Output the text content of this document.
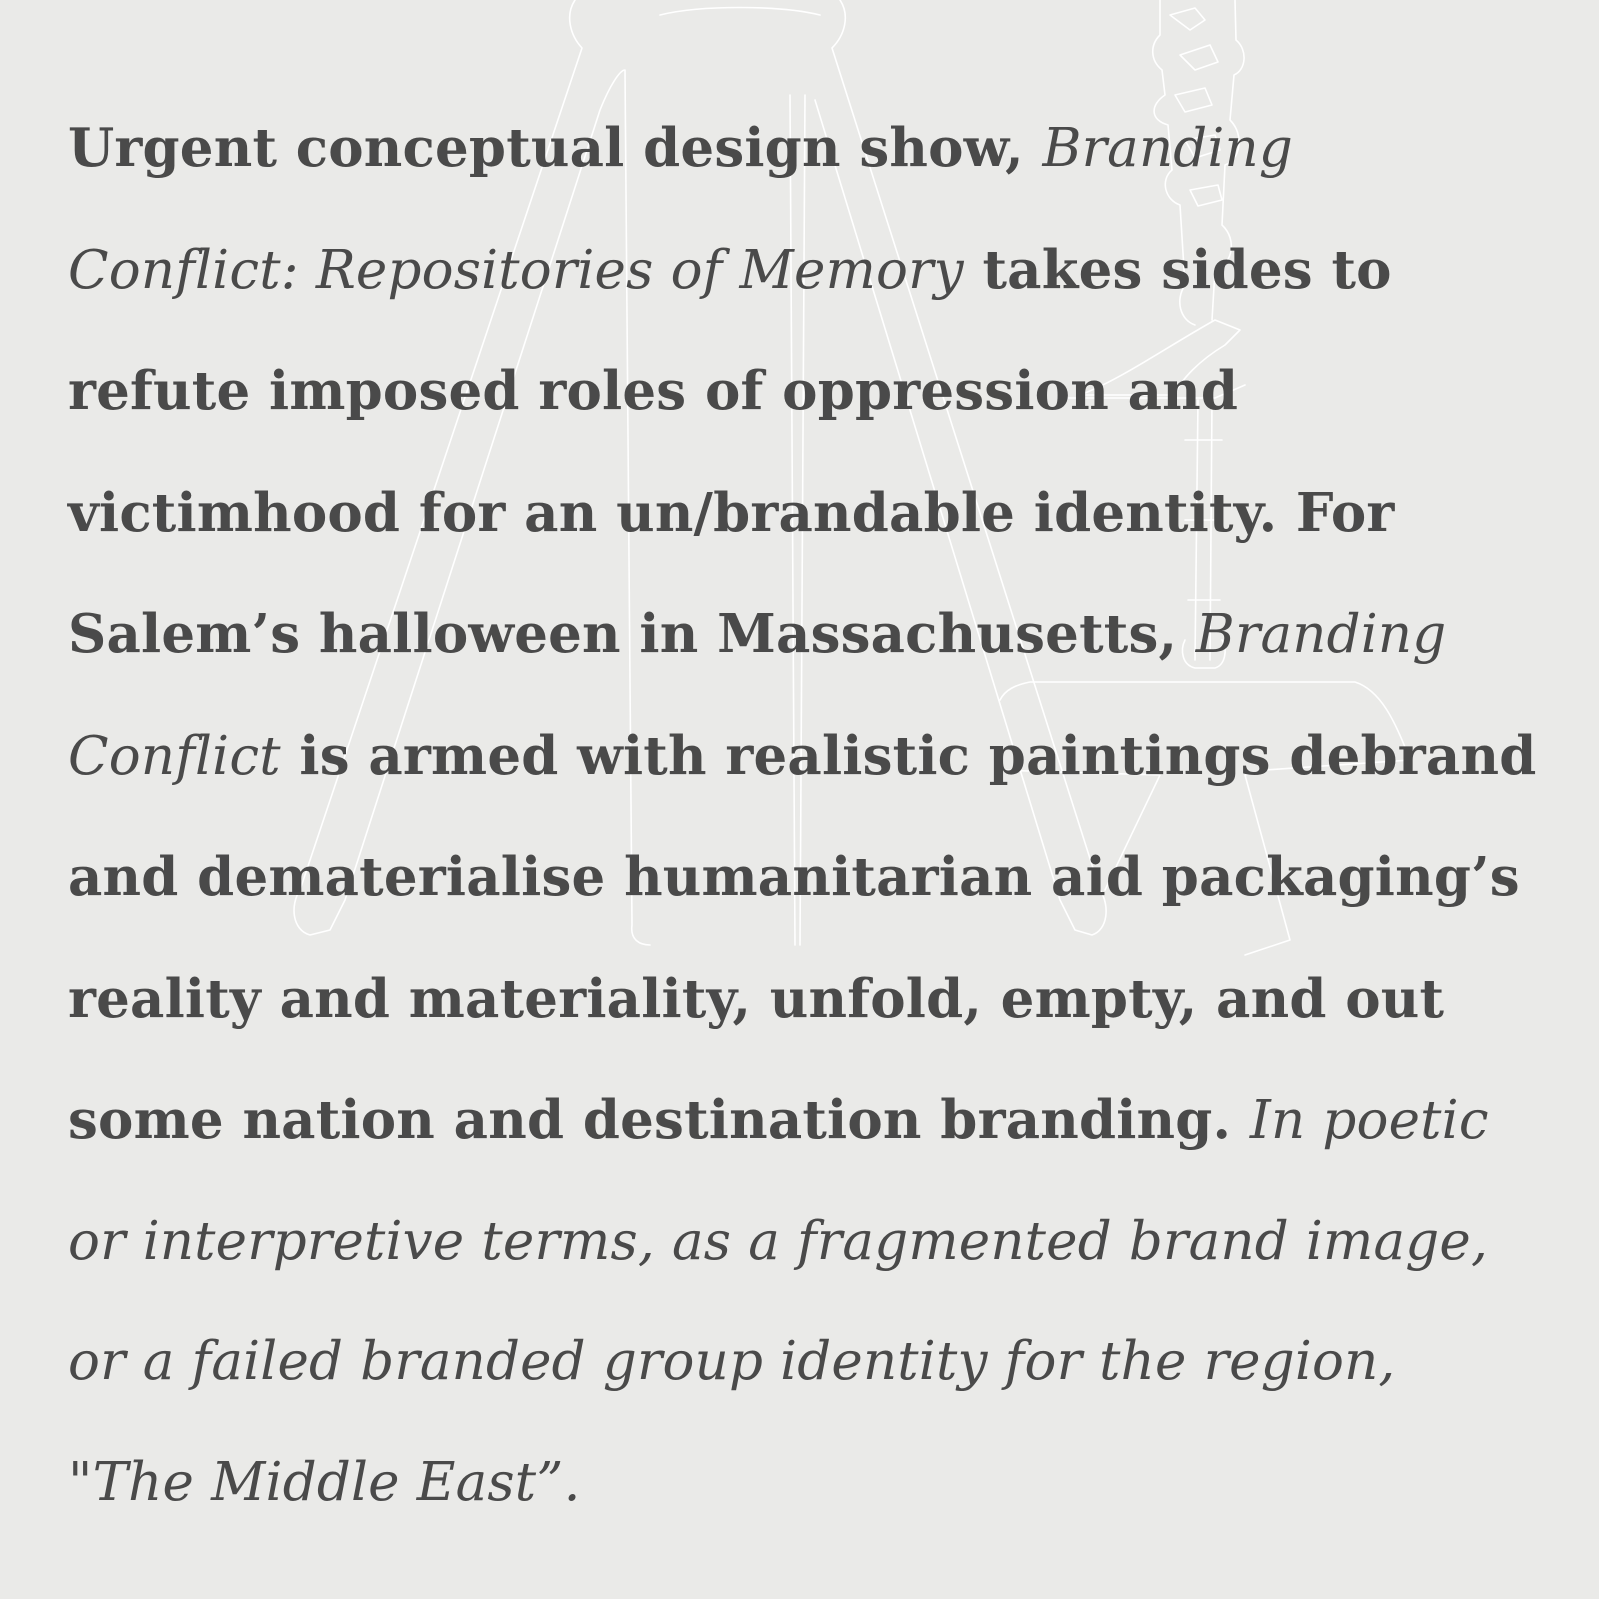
Urgent conceptual design show, Branding Conflict: Repositories of Memory takes sides to refute imposed roles of oppression and victimhood for an un/brandable identity. For Salem’s halloween in Massachusetts, Branding Conflict is armed with realistic paintings debrand and dematerialise humanitarian aid packaging’s reality and materiality, unfold, empty, and out some nation and destination branding. In poetic or interpretive terms, as a fragmented brand image, or a failed branded group identity for the region, "The Middle East”.
